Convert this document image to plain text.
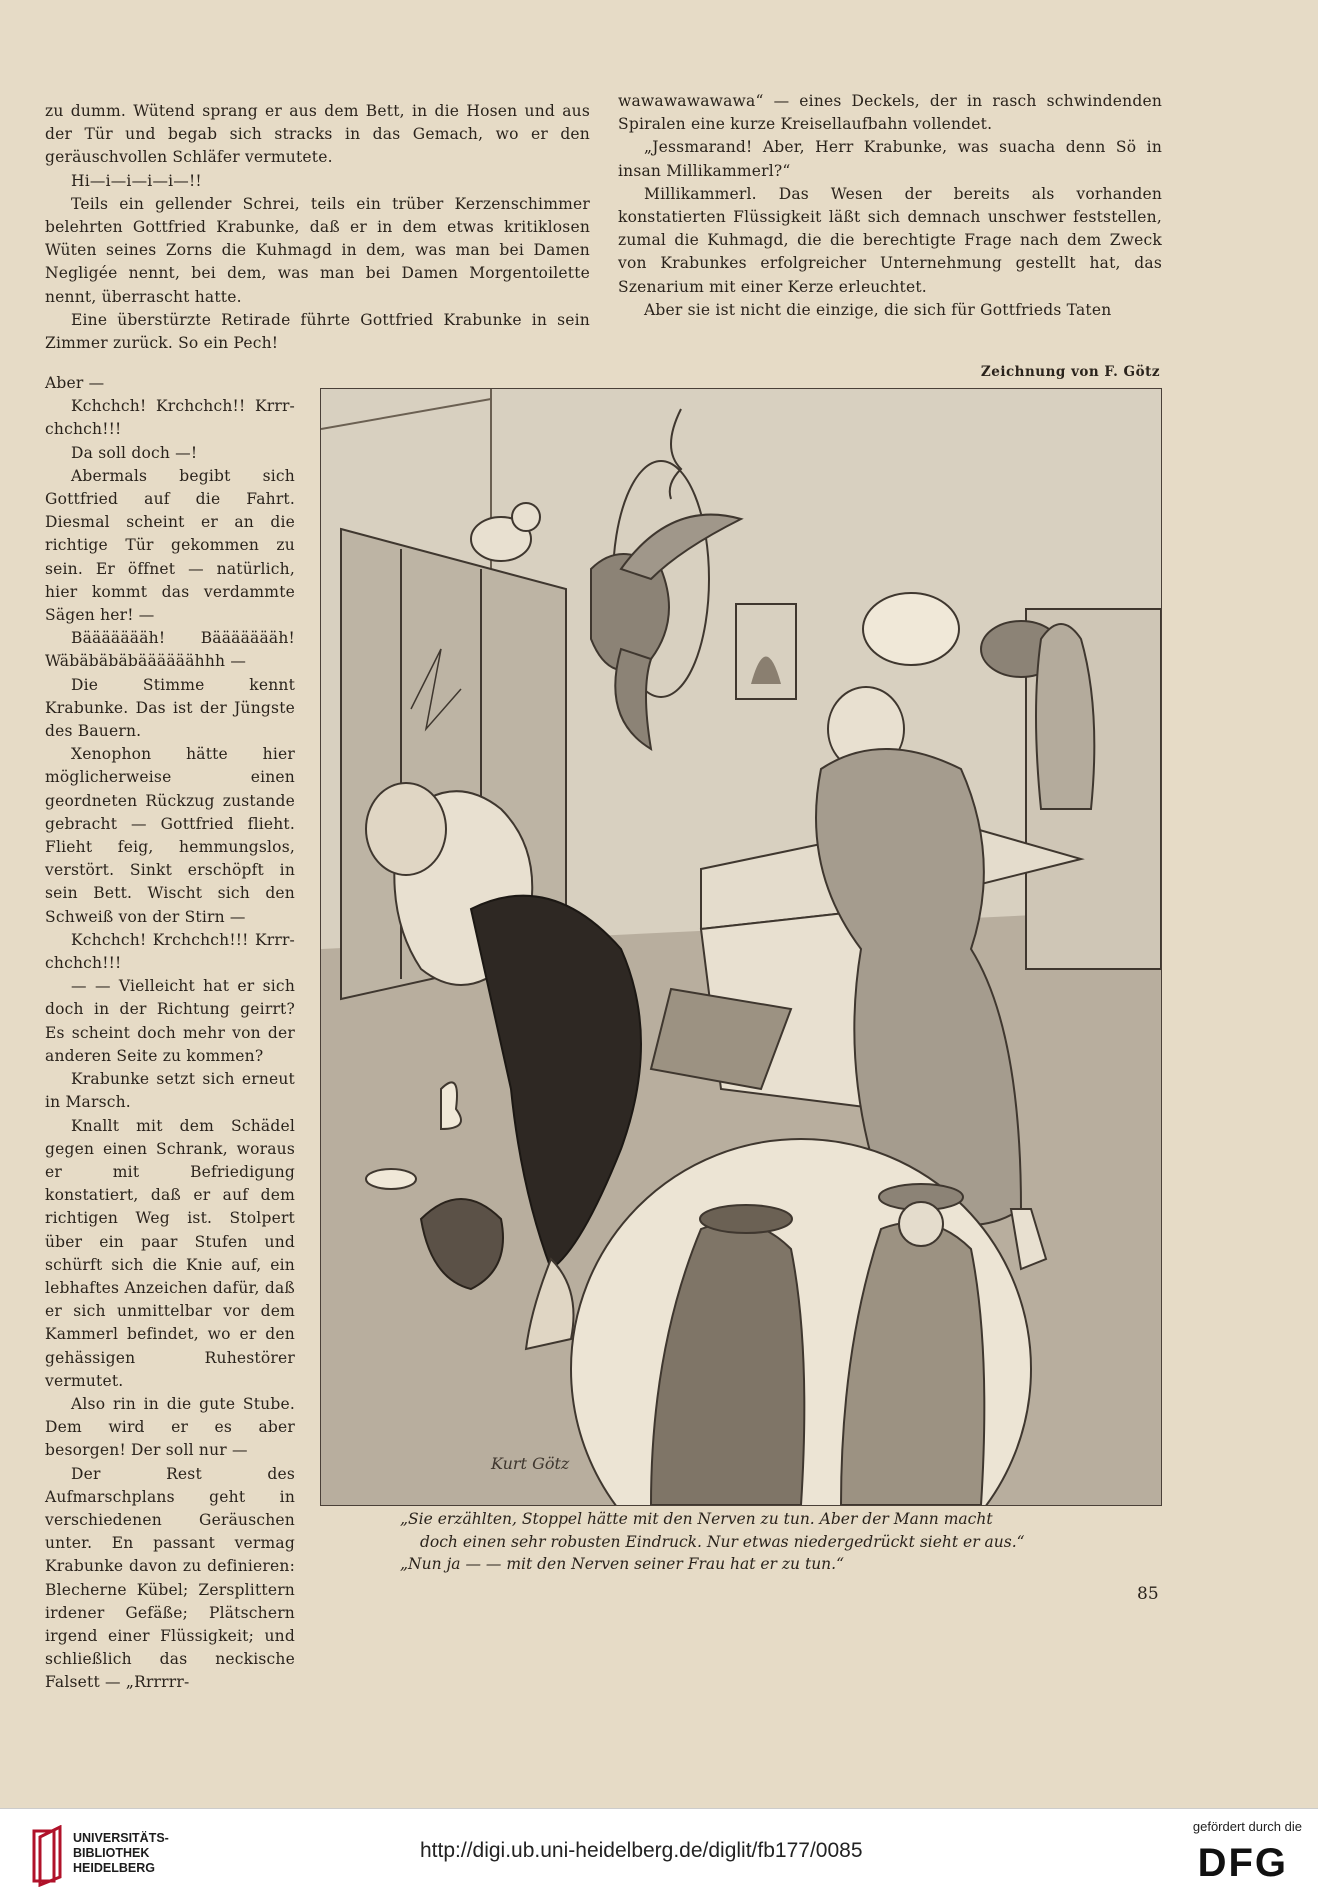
zu dumm. Wütend sprang er aus dem Bett, in die Hosen und aus der Tür und begab sich stracks in das Gemach, wo er den geräuschvollen Schläfer vermutete.

Hi—i—i—i—i—!!

Teils ein gellender Schrei, teils ein trüber Kerzenschimmer belehrten Gottfried Krabunke, daß er in dem etwas kritiklosen Wüten seines Zorns die Kuhmagd in dem, was man bei Damen Negligée nennt, bei dem, was man bei Damen Morgentoilette nennt, überrascht hatte.

Eine überstürzte Retirade führte Gottfried Krabunke in sein Zimmer zurück. So ein Pech!

wawawawawawa“ — eines Deckels, der in rasch schwindenden Spiralen eine kurze Kreisellaufbahn vollendet.

„Jessmarand! Aber, Herr Krabunke, was suacha denn Sö in insan Millikammerl?“

Millikammerl. Das Wesen der bereits als vorhanden konstatierten Flüssigkeit läßt sich demnach unschwer feststellen, zumal die Kuhmagd, die die berechtigte Frage nach dem Zweck von Krabunkes erfolgreicher Unternehmung gestellt hat, das Szenarium mit einer Kerze erleuchtet.

Aber sie ist nicht die einzige, die sich für Gottfrieds Taten

Aber —

Kchchch! Krchchch!! Krrr-chchch!!!

Da soll doch —!

Abermals begibt sich Gottfried auf die Fahrt. Diesmal scheint er an die richtige Tür gekommen zu sein. Er öffnet — natürlich, hier kommt das verdammte Sägen her! —

Bäääääääh! Bäääääääh! Wäbäbäbäbäääääähhh —

Die Stimme kennt Krabunke. Das ist der Jüngste des Bauern.

Xenophon hätte hier möglicherweise einen geordneten Rückzug zustande gebracht — Gottfried flieht. Flieht feig, hemmungslos, verstört. Sinkt erschöpft in sein Bett. Wischt sich den Schweiß von der Stirn —

Kchchch! Krchchch!!! Krrr-chchch!!!

— — Vielleicht hat er sich doch in der Richtung geirrt? Es scheint doch mehr von der anderen Seite zu kommen?

Krabunke setzt sich erneut in Marsch.

Knallt mit dem Schädel gegen einen Schrank, woraus er mit Befriedigung konstatiert, daß er auf dem richtigen Weg ist. Stolpert über ein paar Stufen und schürft sich die Knie auf, ein lebhaftes Anzeichen dafür, daß er sich unmittelbar vor dem Kammerl befindet, wo er den gehässigen Ruhestörer vermutet.

Also rin in die gute Stube. Dem wird er es aber besorgen! Der soll nur —

Der Rest des Aufmarschplans geht in verschiedenen Geräuschen unter. En passant vermag Krabunke davon zu definieren: Blecherne Kübel; Zersplittern irdener Gefäße; Plätschern irgend einer Flüssigkeit; und schließlich das neckische Falsett — „Rrrrrr-

Zeichnung von F. Götz
Kurt Götz
„Sie erzählten, Stoppel hätte mit den Nerven zu tun. Aber der Mann macht
doch einen sehr robusten Eindruck. Nur etwas niedergedrückt sieht er aus.“
„Nun ja — — mit den Nerven seiner Frau hat er zu tun.“
85
UNIVERSITÄTS-
BIBLIOTHEK
HEIDELBERG
http://digi.ub.uni-heidelberg.de/diglit/fb177/0085
gefördert durch die
DFG
